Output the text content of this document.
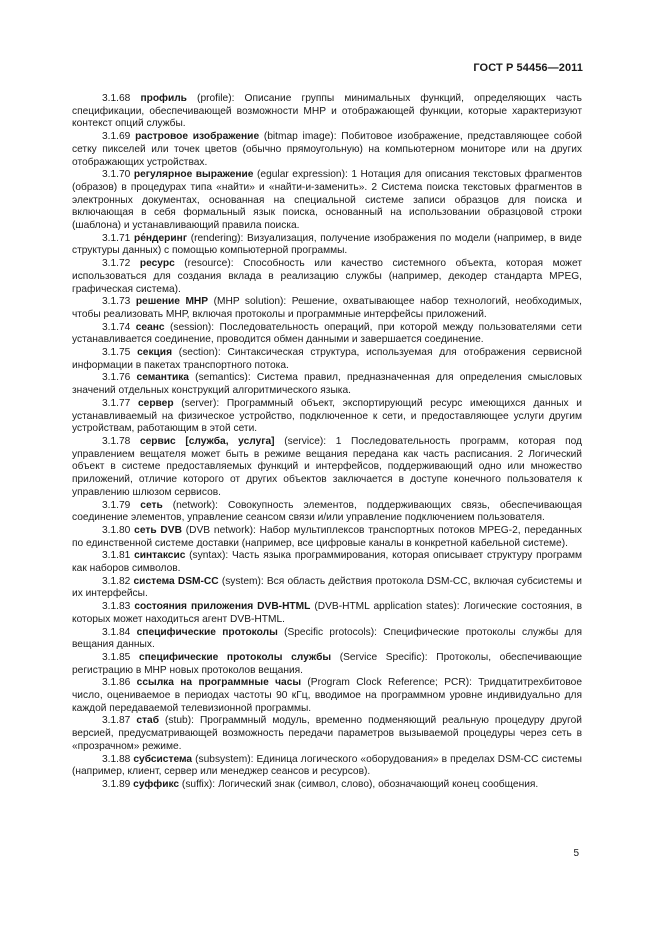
ГОСТ Р 54456—2011

3.1.68 профиль (profile): Описание группы минимальных функций, определяющих часть спецификации, обеспечивающей возможности МНР и отображающей функции, которые характеризуют контекст опций службы.

3.1.69 растровое изображение (bitmap image): Побитовое изображение, представляющее собой сетку пикселей или точек цветов (обычно прямоугольную) на компьютерном мониторе или на других отображающих устройствах.

3.1.70 регулярное выражение (egular expression): 1 Нотация для описания текстовых фрагментов (образов) в процедурах типа «найти» и «найти-и-заменить». 2 Система поиска текстовых фрагментов в электронных документах, основанная на специальной системе записи образцов для поиска и включающая в себя формальный язык поиска, основанный на использовании образцовой строки (шаблона) и устанавливающий правила поиска.

3.1.71 ре́ндеринг (rendering): Визуализация, получение изображения по модели (например, в виде структуры данных) с помощью компьютерной программы.

3.1.72 ресурс (resource): Способность или качество системного объекта, которая может использоваться для создания вклада в реализацию службы (например, декодер стандарта MPEG, графическая система).

3.1.73 решение МНР (MHP solution): Решение, охватывающее набор технологий, необходимых, чтобы реализовать МНР, включая протоколы и программные интерфейсы приложений.

3.1.74 сеанс (session): Последовательность операций, при которой между пользователями сети устанавливается соединение, проводится обмен данными и завершается соединение.

3.1.75 секция (section): Синтаксическая структура, используемая для отображения сервисной информации в пакетах транспортного потока.

3.1.76 семантика (semantics): Система правил, предназначенная для определения смысловых значений отдельных конструкций алгоритмического языка.

3.1.77 сервер (server): Программный объект, экспортирующий ресурс имеющихся данных и устанавливаемый на физическое устройство, подключенное к сети, и предоставляющее услуги другим устройствам, работающим в этой сети.

3.1.78 сервис [служба, услуга] (service): 1 Последовательность программ, которая под управлением вещателя может быть в режиме вещания передана как часть расписания. 2 Логический объект в системе предоставляемых функций и интерфейсов, поддерживающий одно или множество приложений, отличие которого от других объектов заключается в доступе конечного пользователя к управлению шлюзом сервисов.

3.1.79 сеть (network): Совокупность элементов, поддерживающих связь, обеспечивающая соединение элементов, управление сеансом связи и/или управление подключением пользователя.

3.1.80 сеть DVB (DVB network): Набор мультиплексов транспортных потоков MPEG-2, переданных по единственной системе доставки (например, все цифровые каналы в конкретной кабельной системе).

3.1.81 синтаксис (syntax): Часть языка программирования, которая описывает структуру программ как наборов символов.

3.1.82 система DSM-CC (system): Вся область действия протокола DSM-CC, включая субсистемы и их интерфейсы.

3.1.83 состояния приложения DVB-HTML (DVB-HTML application states): Логические состояния, в которых может находиться агент DVB-HTML.

3.1.84 специфические протоколы (Specific protocols): Специфические протоколы службы для вещания данных.

3.1.85 специфические протоколы службы (Service Specific): Протоколы, обеспечивающие регистрацию в МНР новых протоколов вещания.

3.1.86 ссылка на программные часы (Program Clock Reference; PCR): Тридцатитрехбитовое число, оцениваемое в периодах частоты 90 кГц, вводимое на программном уровне индивидуально для каждой передаваемой телевизионной программы.

3.1.87 стаб (stub): Программный модуль, временно подменяющий реальную процедуру другой версией, предусматривающей возможность передачи параметров вызываемой процедуры через сеть в «прозрачном» режиме.

3.1.88 субсистема (subsystem): Единица логического «оборудования» в пределах DSM-CC системы (например, клиент, сервер или менеджер сеансов и ресурсов).

3.1.89 суффикс (suffix): Логический знак (символ, слово), обозначающий конец сообщения.

5
